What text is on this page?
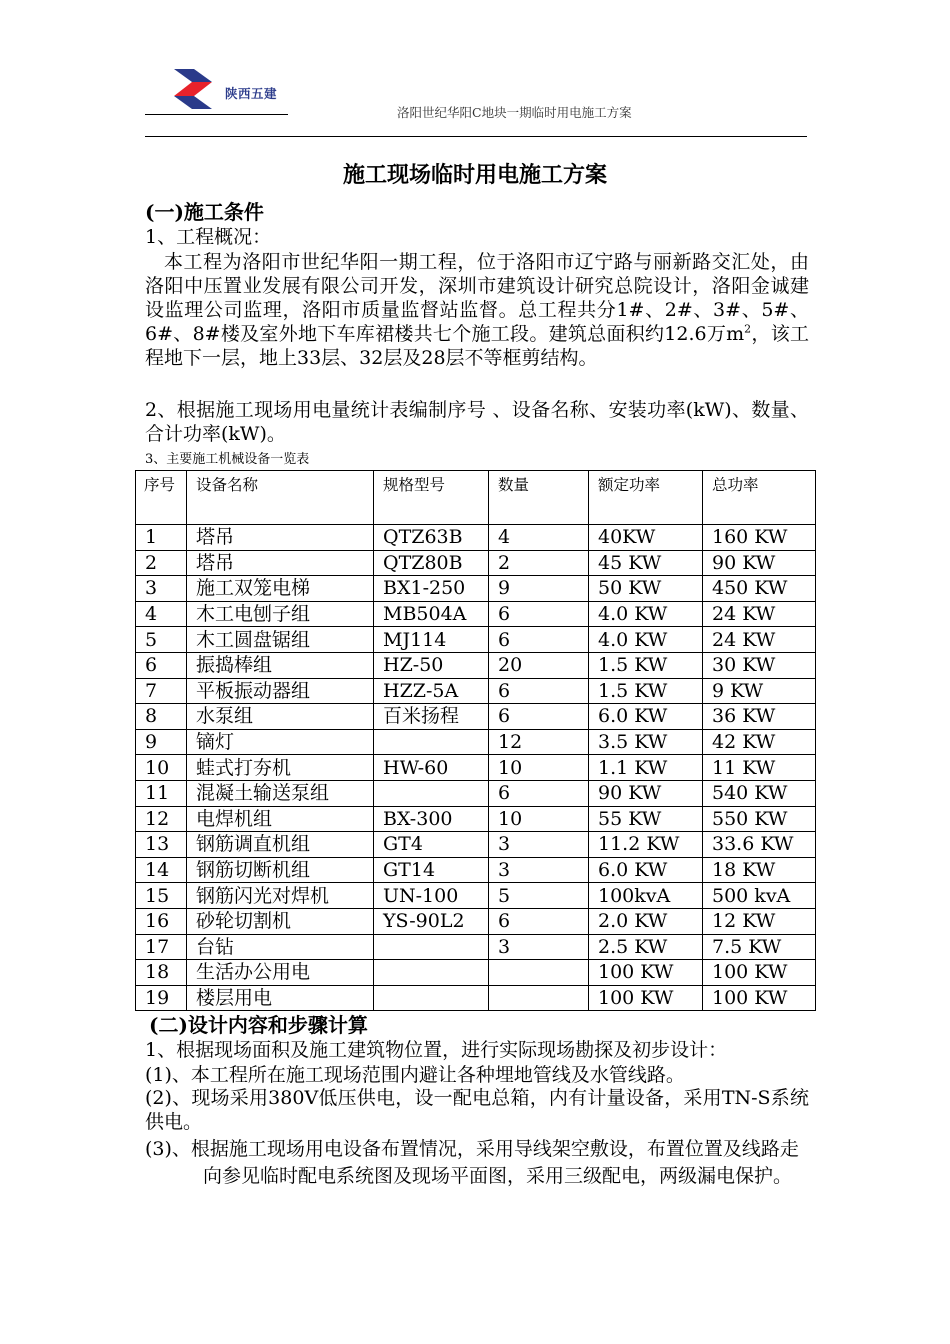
陕西五建
洛阳世纪华阳C地块一期临时用电施工方案
施工现场临时用电施工方案
(一)施工条件
1、工程概况：
本工程为洛阳市世纪华阳一期工程，位于洛阳市辽宁路与丽新路交汇处，由洛阳中压置业发展有限公司开发，深圳市建筑设计研究总院设计，洛阳金诚建设监理公司监理，洛阳市质量监督站监督。总工程共分1#、2#、3#、5#、6#、8#楼及室外地下车库裙楼共七个施工段。建筑总面积约12.6万$m^2$，该工程地下一层，地上33层、32层及28层不等框剪结构。
2、根据施工现场用电量统计表编制序号 、设备名称、安装功率(kW)、数量、合计功率(kW)。
3、主要施工机械设备一览表
序号	设备名称	规格型号	数量	额定功率	总功率
1	塔吊	QTZ63B	4	40KW	160 KW
2	塔吊	QTZ80B	2	45 KW	90 KW
3	施工双笼电梯	BX1-250	9	50 KW	450 KW
4	木工电刨子组	MB504A	6	4.0 KW	24 KW
5	木工圆盘锯组	MJ114	6	4.0 KW	24 KW
6	振捣棒组	HZ-50	20	1.5 KW	30 KW
7	平板振动器组	HZZ-5A	6	1.5 KW	9 KW
8	水泵组	百米扬程	6	6.0 KW	36 KW
9	镝灯		12	3.5 KW	42 KW
10	蛙式打夯机	HW-60	10	1.1 KW	11 KW
11	混凝土输送泵组		6	90 KW	540 KW
12	电焊机组	BX-300	10	55 KW	550 KW
13	钢筋调直机组	GT4	3	11.2 KW	33.6 KW
14	钢筋切断机组	GT14	3	6.0 KW	18 KW
15	钢筋闪光对焊机	UN-100	5	100kvA	500 kvA
16	砂轮切割机	YS-90L2	6	2.0 KW	12 KW
17	台钻		3	2.5 KW	7.5 KW
18	生活办公用电			100 KW	100 KW
19	楼层用电			100 KW	100 KW
(二)设计内容和步骤计算
1、根据现场面积及施工建筑物位置，进行实际现场勘探及初步设计：
(1)、本工程所在施工现场范围内避让各种埋地管线及水管线路。
(2)、现场采用380V低压供电，设一配电总箱，内有计量设备，采用TN-S系统供电。
(3)、根据施工现场用电设备布置情况，采用导线架空敷设，布置位置及线路走向参见临时配电系统图及现场平面图，采用三级配电，两级漏电保护。
